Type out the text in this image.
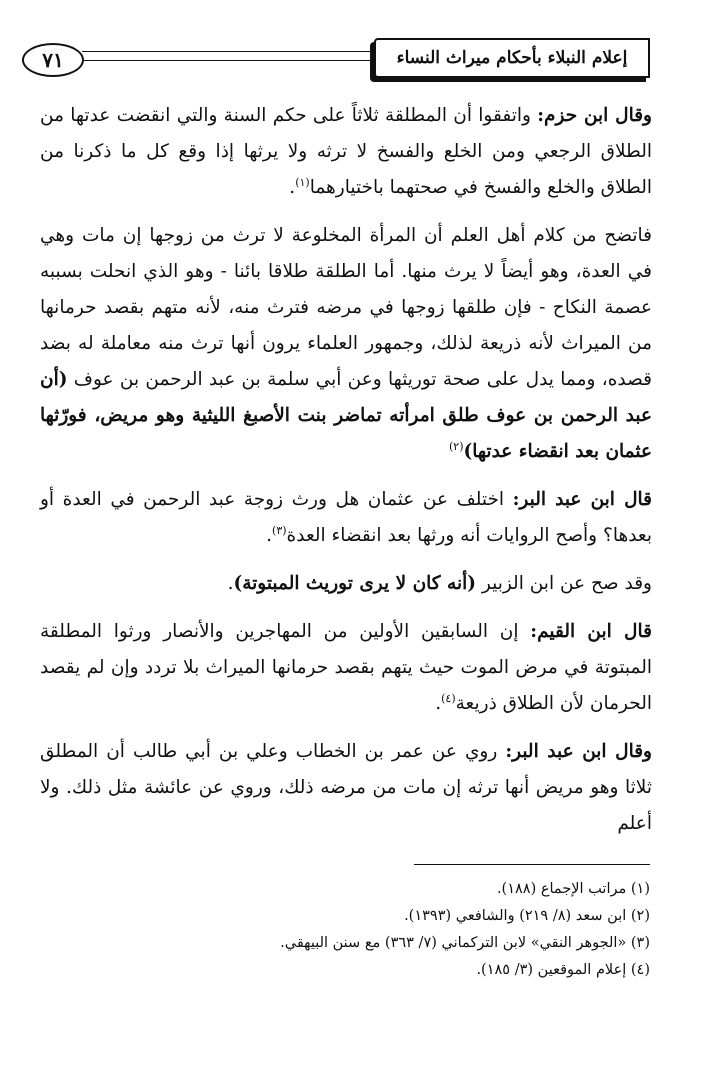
٧١	إعلام النبلاء بأحكام ميراث النساء

وقال ابن حزم: واتفقوا أن المطلقة ثلاثاً على حكم السنة والتي انقضت عدتها من الطلاق الرجعي ومن الخلع والفسخ لا ترثه ولا يرثها إذا وقع كل ما ذكرنا من الطلاق والخلع والفسخ في صحتهما باختيارهما$^{(١)}$.

فاتضح من كلام أهل العلم أن المرأة المخلوعة لا ترث من زوجها إن مات وهي في العدة، وهو أيضاً لا يرث منها. أما الطلقة طلاقا بائنا - وهو الذي انحلت بسببه عصمة النكاح - فإن طلقها زوجها في مرضه فترث منه، لأنه متهم بقصد حرمانها من الميراث لأنه ذريعة لذلك، وجمهور العلماء يرون أنها ترث منه معاملة له بضد قصده، ومما يدل على صحة توريثها وعن أبي سلمة بن عبد الرحمن بن عوف (أن عبد الرحمن بن عوف طلق امرأته تماضر بنت الأصبغ الليثية وهو مريض، فورّثها عثمان بعد انقضاء عدتها)$^{(٢)}$

قال ابن عبد البر: اختلف عن عثمان هل ورث زوجة عبد الرحمن في العدة أو بعدها؟ وأصح الروايات أنه ورثها بعد انقضاء العدة$^{(٣)}$.

وقد صح عن ابن الزبير (أنه كان لا يرى توريث المبتوتة).

قال ابن القيم: إن السابقين الأولين من المهاجرين والأنصار ورثوا المطلقة المبتوتة في مرض الموت حيث يتهم بقصد حرمانها الميراث بلا تردد وإن لم يقصد الحرمان لأن الطلاق ذريعة$^{(٤)}$.

وقال ابن عبد البر: روي عن عمر بن الخطاب وعلي بن أبي طالب أن المطلق ثلاثا وهو مريض أنها ترثه إن مات من مرضه ذلك، وروي عن عائشة مثل ذلك. ولا أعلم

(١) مراتب الإجماع (١٨٨).

(٢) ابن سعد (٨/ ٢١٩) والشافعي (١٣٩٣).

(٣) «الجوهر النقي» لابن التركماني (٧/ ٣٦٣) مع سنن البيهقي.

(٤) إعلام الموقعين (٣/ ١٨٥).
